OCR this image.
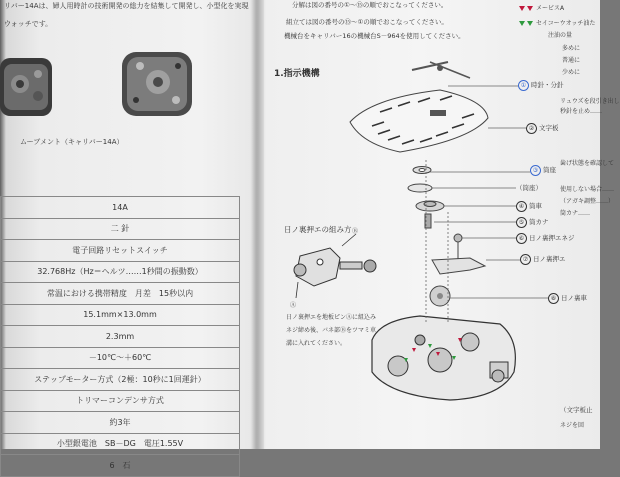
リバー14Aは、婦人用時計の技術開発の総力を結集して開発し、小型化を実現
ウォッチです。
ムーブメント（キャリバー14A）
14A
二 針
電子回路リセットスイッチ
32.768Hz（Hz＝ヘルツ……1秒間の振動数）
常温における携帯精度　月差　15秒以内
15.1mm×13.0mm
2.3mm
－10℃～＋60℃
ステップモーター方式（2極：10秒に1回運針）
トリマーコンデンサ方式
約3年
小型銀電池　SB－DG　電圧1.55V
6　石
分解は図の番号の①～⑮の順でおこなってください。
組立ては図の番号の⑮～①の順でおこなってください。
機械台をキャリバー16の機械台S－964を使用してください。
メービスA
セイコーウオッチ油た
注油の量
多めに
普通に
少めに
1.指示機構
日ノ裏押エの組み方
Ⓐ
Ⓑ
日ノ裏押エを地板ピンⒶに組込み
ネジ締め後、バネ部Ⓑをツマミ車
溝に入れてください。
① 時針・分針
② 文字板
③ 筒座
（筒座）
④ 筒車
⑤ 筒カナ
⑥ 日ノ裏押エネジ
⑦ 日ノ裏押エ
⑧ 日ノ裏車
リュウズを段引き出し
秒針を止め……
歯げ状態を確認して
使用しない場合……
（アガキ調整……）
筒カナ……
（文字板止
ネジを回
